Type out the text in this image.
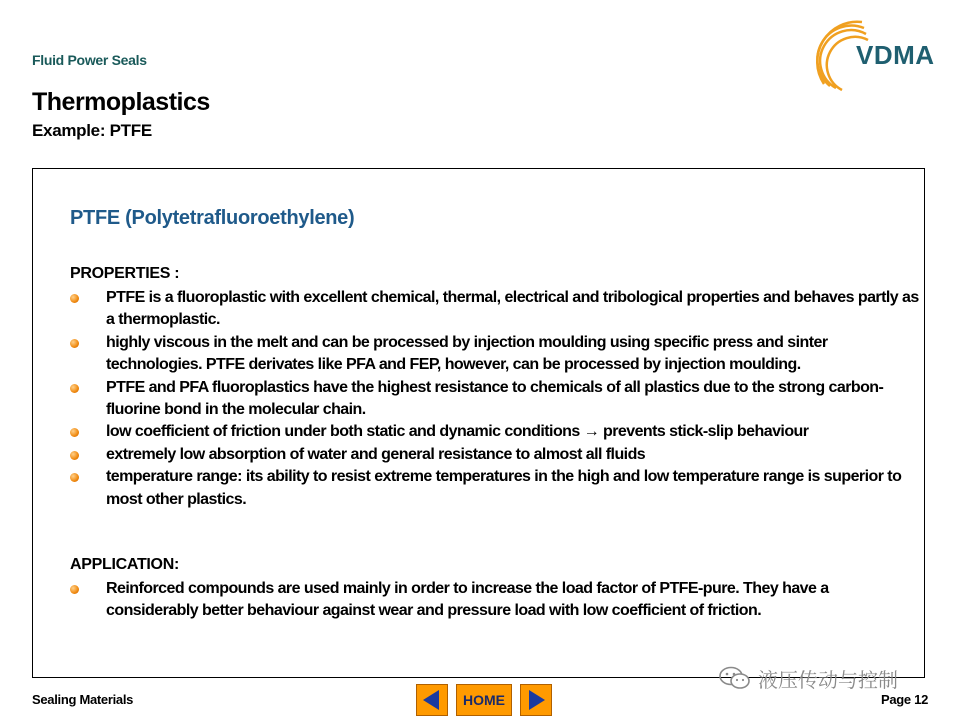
Fluid Power Seals	VDMA
Thermoplastics
Example: PTFE
PTFE (Polytetrafluoroethylene)
PROPERTIES :
PTFE is a fluoroplastic with excellent chemical, thermal, electrical and tribological properties and behaves partly as a thermoplastic.
highly viscous in the melt and can be processed by injection moulding using specific press and sinter technologies. PTFE derivates like PFA and FEP, however, can be processed by injection moulding.
PTFE and PFA fluoroplastics have the highest resistance to chemicals of all plastics due to the strong carbon-fluorine bond in the molecular chain.
low coefficient of friction under both static and dynamic conditions → prevents stick-slip behaviour
extremely low absorption of water and general resistance to almost all fluids
temperature range: its ability to resist extreme temperatures in the high and low temperature range is superior to most other plastics.
APPLICATION:
Reinforced compounds are used mainly in order to increase the load factor of PTFE-pure. They have a considerably better behaviour against wear and pressure load with low coefficient of friction.
液压传动与控制
Sealing Materials	HOME	Page 12
